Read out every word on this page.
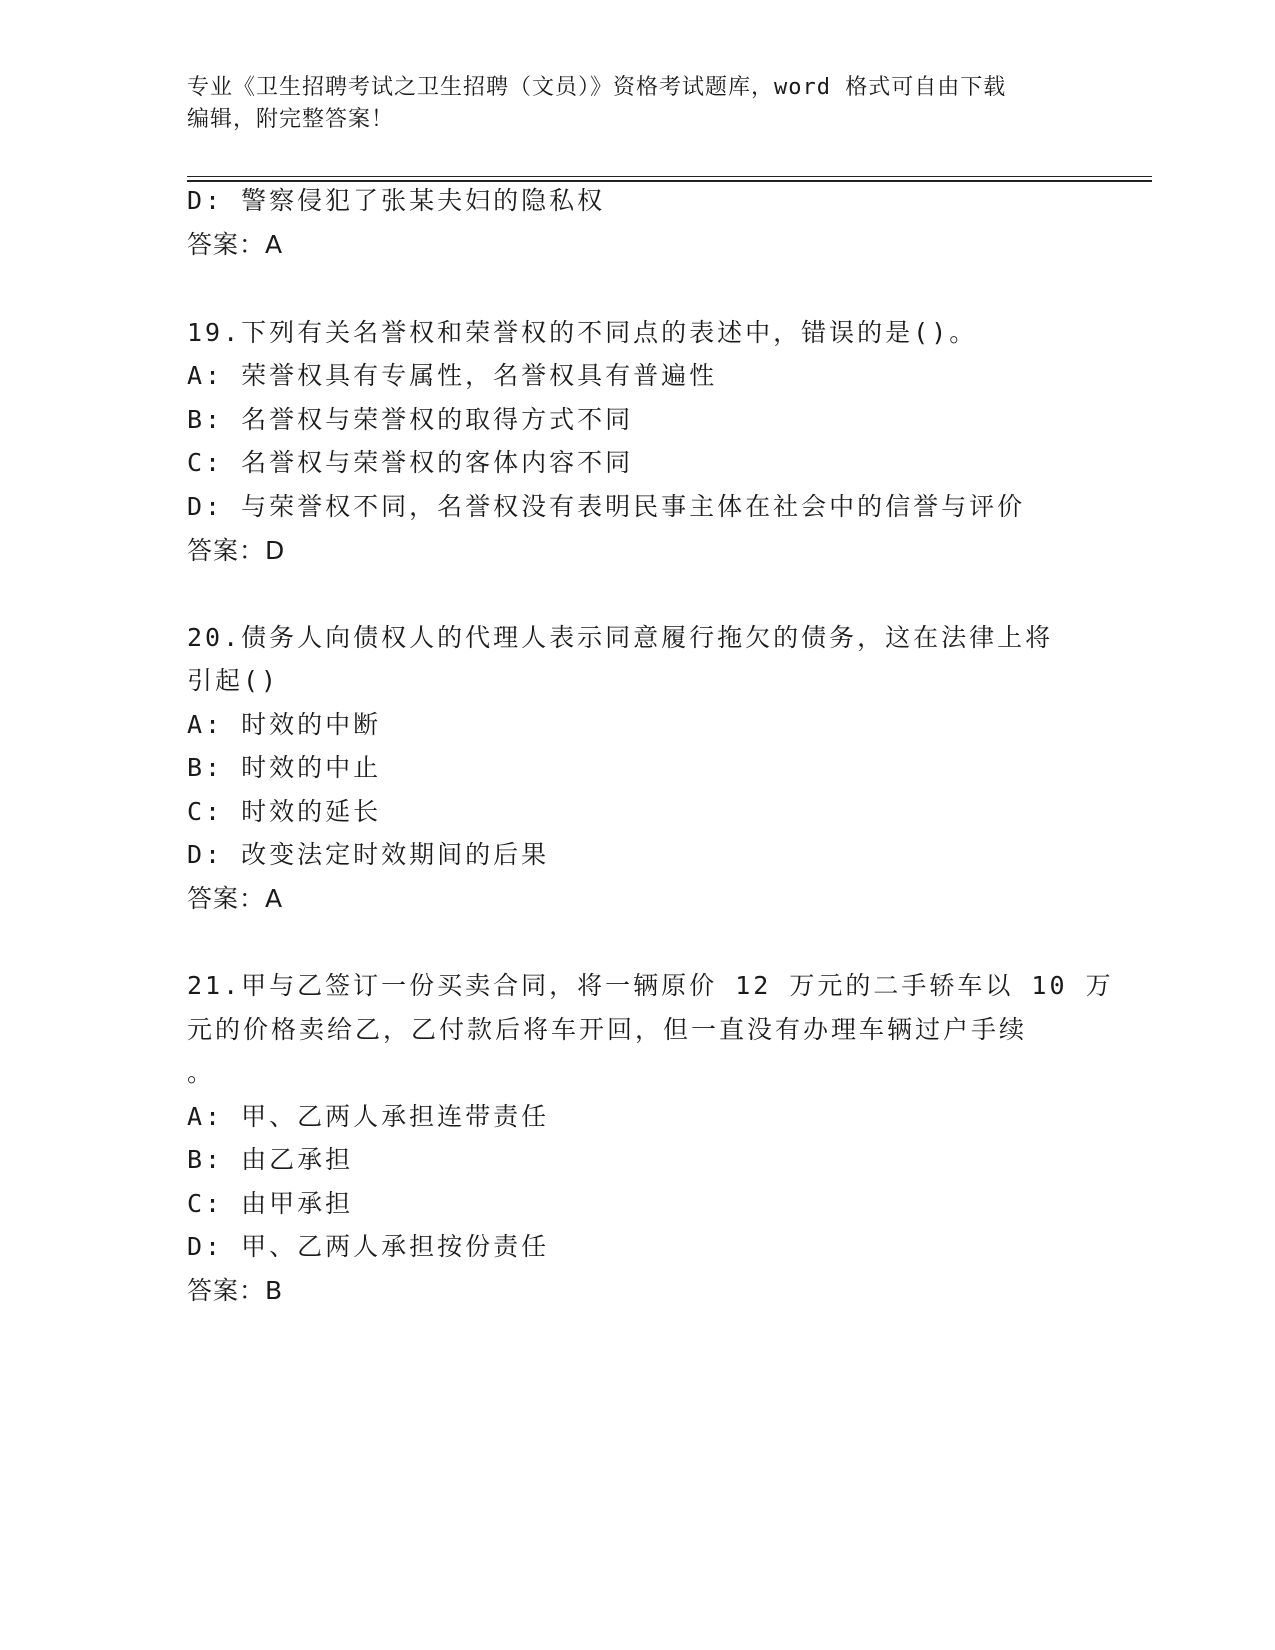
专业《卫生招聘考试之卫生招聘（文员）》资格考试题库，word 格式可自由下载
编辑，附完整答案！
D: 警察侵犯了张某夫妇的隐私权
答案：A
19.下列有关名誉权和荣誉权的不同点的表述中，错误的是()。
A: 荣誉权具有专属性，名誉权具有普遍性
B: 名誉权与荣誉权的取得方式不同
C: 名誉权与荣誉权的客体内容不同
D: 与荣誉权不同，名誉权没有表明民事主体在社会中的信誉与评价
答案：D
20.债务人向债权人的代理人表示同意履行拖欠的债务，这在法律上将
引起()
A: 时效的中断
B: 时效的中止
C: 时效的延长
D: 改变法定时效期间的后果
答案：A
21.甲与乙签订一份买卖合同，将一辆原价 12 万元的二手轿车以 10 万
元的价格卖给乙，乙付款后将车开回，但一直没有办理车辆过户手续
。
A: 甲、乙两人承担连带责任
B: 由乙承担
C: 由甲承担
D: 甲、乙两人承担按份责任
答案：B
